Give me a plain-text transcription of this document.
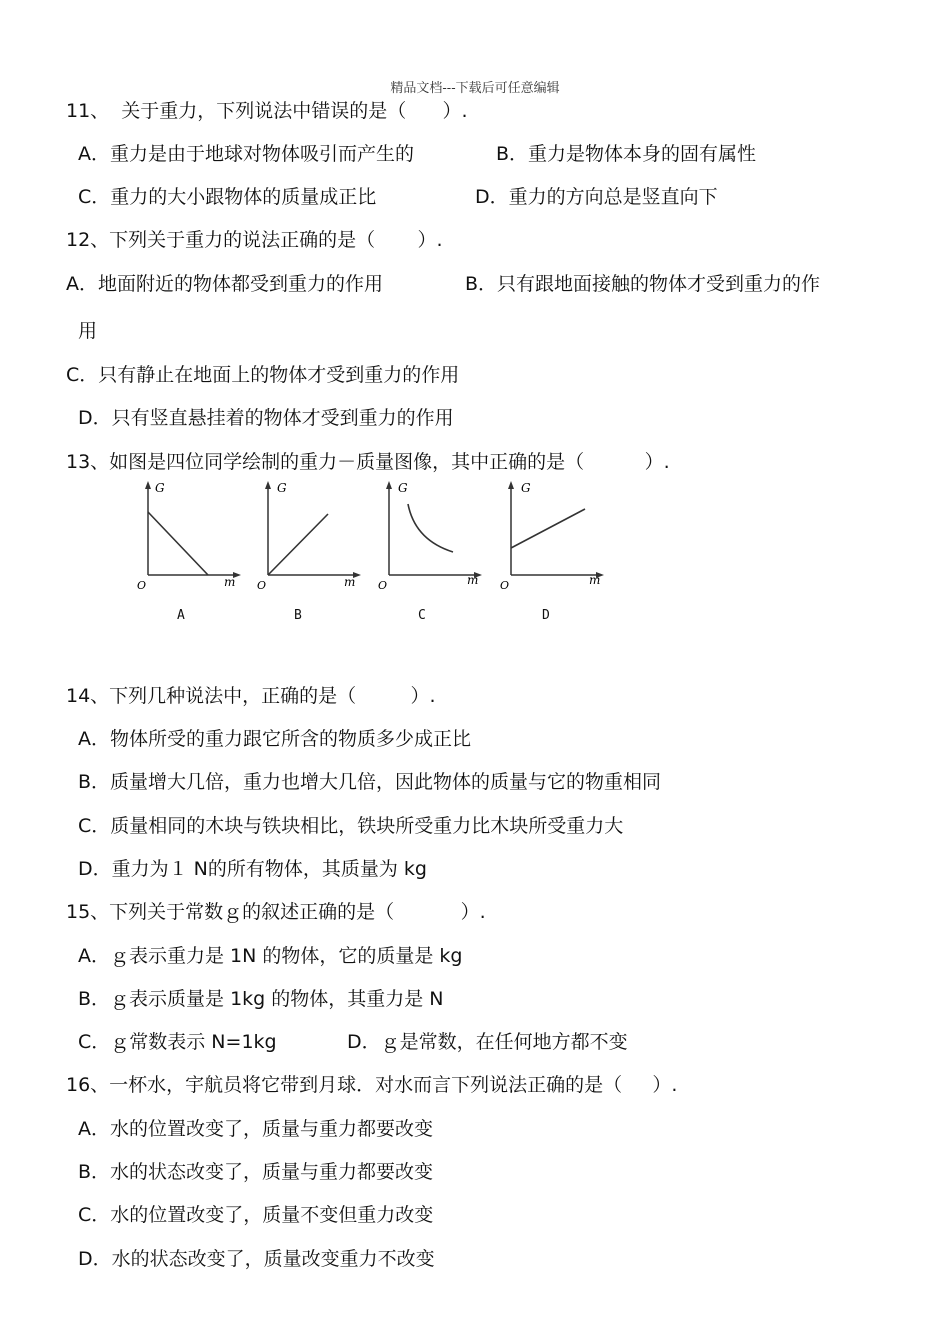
精品文档---下载后可任意编辑
11、  关于重力，下列说法中错误的是（      ）.
A．重力是由于地球对物体吸引而产生的	B．重力是物体本身的固有属性
C．重力的大小跟物体的质量成正比	D．重力的方向总是竖直向下
12、下列关于重力的说法正确的是（       ）.
A．地面附近的物体都受到重力的作用	B．只有跟地面接触的物体才受到重力的作
用
C．只有静止在地面上的物体才受到重力的作用
D．只有竖直悬挂着的物体才受到重力的作用
13、如图是四位同学绘制的重力－质量图像，其中正确的是（          ）.
G
m
O
A
G
m
O
B
G
m
O
C
G
m
O
D
14、下列几种说法中，正确的是（         ）.
A．物体所受的重力跟它所含的物质多少成正比
B．质量增大几倍，重力也增大几倍，因此物体的质量与它的物重相同
C．质量相同的木块与铁块相比，铁块所受重力比木块所受重力大
D．重力为１ N的所有物体，其质量为 kg
15、下列关于常数ｇ的叙述正确的是（           ）.
A．ｇ表示重力是 1N 的物体，它的质量是 kg
B．ｇ表示质量是 1kg 的物体，其重力是 N
C．ｇ常数表示 N=1kg	D．ｇ是常数，在任何地方都不变
16、一杯水，宇航员将它带到月球．对水而言下列说法正确的是（     ）.
A．水的位置改变了，质量与重力都要改变
B．水的状态改变了，质量与重力都要改变
C．水的位置改变了，质量不变但重力改变
D．水的状态改变了，质量改变重力不改变
